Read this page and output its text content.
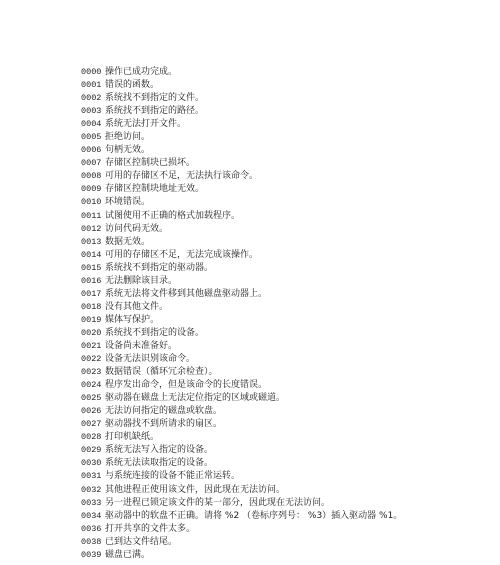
0000 操作已成功完成。
0001 错误的函数。
0002 系统找不到指定的文件。
0003 系统找不到指定的路径。
0004 系统无法打开文件。
0005 拒绝访问。
0006 句柄无效。
0007 存储区控制块已损坏。
0008 可用的存储区不足，无法执行该命令。
0009 存储区控制块地址无效。
0010 环境错误。
0011 试图使用不正确的格式加载程序。
0012 访问代码无效。
0013 数据无效。
0014 可用的存储区不足，无法完成该操作。
0015 系统找不到指定的驱动器。
0016 无法删除该目录。
0017 系统无法将文件移到其他磁盘驱动器上。
0018 没有其他文件。
0019 媒体写保护。
0020 系统找不到指定的设备。
0021 设备尚未准备好。
0022 设备无法识别该命令。
0023 数据错误（循环冗余检查）。
0024 程序发出命令，但是该命令的长度错误。
0025 驱动器在磁盘上无法定位指定的区域或磁道。
0026 无法访问指定的磁盘或软盘。
0027 驱动器找不到所请求的扇区。
0028 打印机缺纸。
0029 系统无法写入指定的设备。
0030 系统无法读取指定的设备。
0031 与系统连接的设备不能正常运转。
0032 其他进程正使用该文件，因此现在无法访问。
0033 另一进程已锁定该文件的某一部分，因此现在无法访问。
0034 驱动器中的软盘不正确。请将 %2 （卷标序列号： %3）插入驱动器 %1。
0036 打开共享的文件太多。
0038 已到达文件结尾。
0039 磁盘已满。
